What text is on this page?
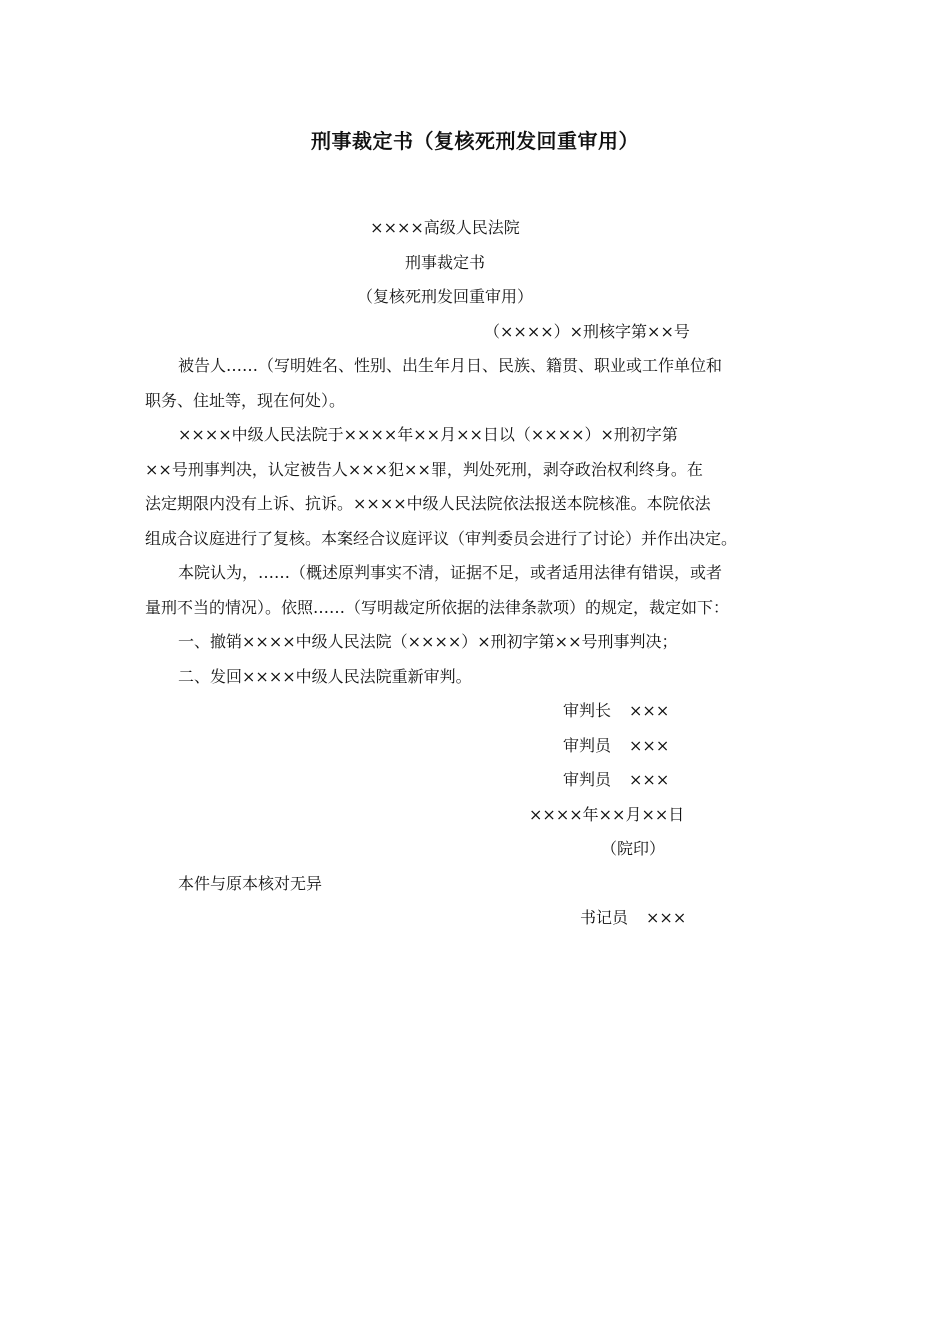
刑事裁定书（复核死刑发回重审用）
××××高级人民法院
刑事裁定书
（复核死刑发回重审用）
（××××）×刑核字第××号
被告人……（写明姓名、性别、出生年月日、民族、籍贯、职业或工作单位和
职务、住址等，现在何处）。
××××中级人民法院于××××年××月××日以（××××）×刑初字第
××号刑事判决，认定被告人×××犯××罪，判处死刑，剥夺政治权利终身。在
法定期限内没有上诉、抗诉。××××中级人民法院依法报送本院核准。本院依法
组成合议庭进行了复核。本案经合议庭评议（审判委员会进行了讨论）并作出决定。
本院认为，……（概述原判事实不清，证据不足，或者适用法律有错误，或者
量刑不当的情况）。依照……（写明裁定所依据的法律条款项）的规定，裁定如下：
一、撤销××××中级人民法院（××××）×刑初字第××号刑事判决；
二、发回××××中级人民法院重新审判。
审判长 ×××
审判员 ×××
审判员 ×××
××××年××月××日
（院印）
本件与原本核对无异
书记员 ×××
